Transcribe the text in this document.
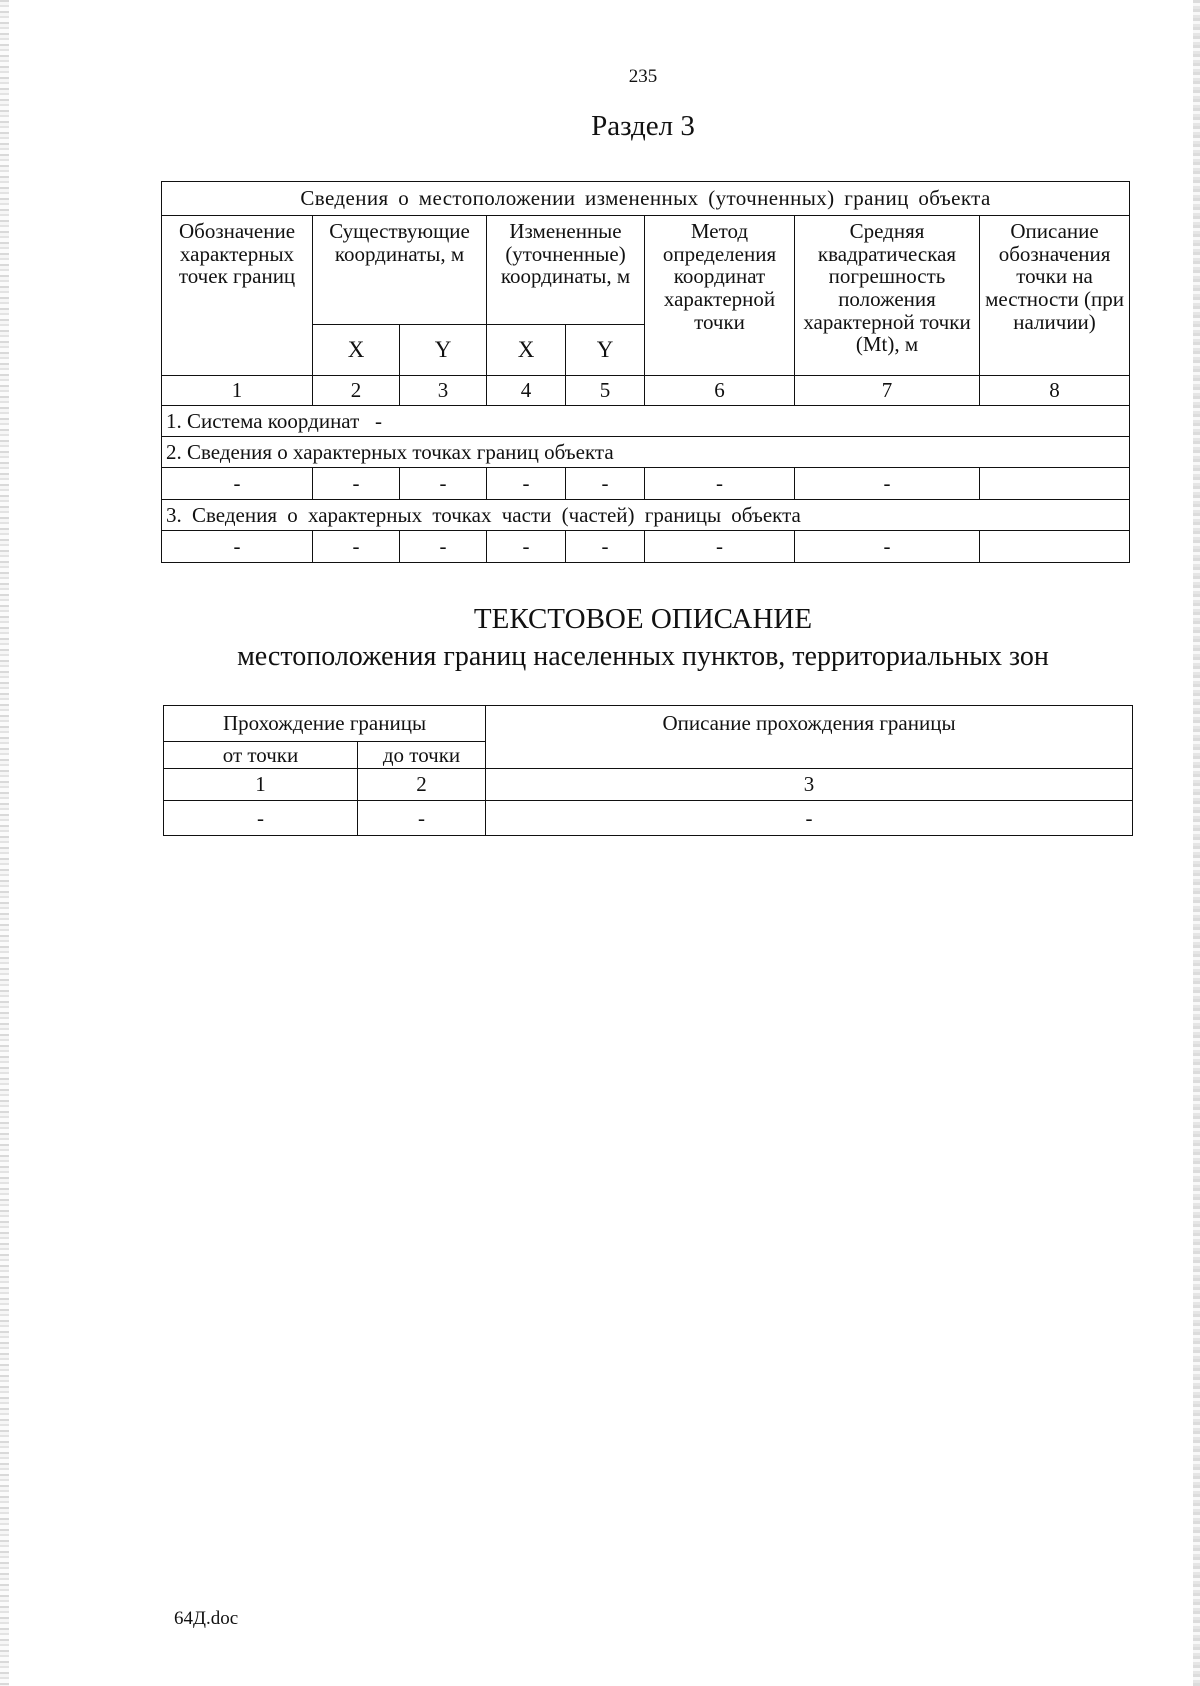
235
Раздел 3
Сведения о местоположении измененных (уточненных) границ объекта							
Обозначение характерных точек границ	Существующие координаты, м		Измененные (уточненные) координаты, м		Метод определения координат характерной точки	Средняя квадратическая погрешность положения характерной точки (Mt), м	Описание обозначения точки на местности (при наличии)
	X	Y	X	Y			
1	2	3	4	5	6	7	8
1. Система координат   -							
2. Сведения о характерных точках границ объекта							
-	-	-	-	-	-	-	
3. Сведения о характерных точках части (частей) границы объекта							
-	-	-	-	-	-	-	
ТЕКСТОВОЕ ОПИСАНИЕ
местоположения границ населенных пунктов, территориальных зон
Прохождение границы		Описание прохождения границы
от точки	до точки	
1	2	3
-	-	-
64Д.doc
